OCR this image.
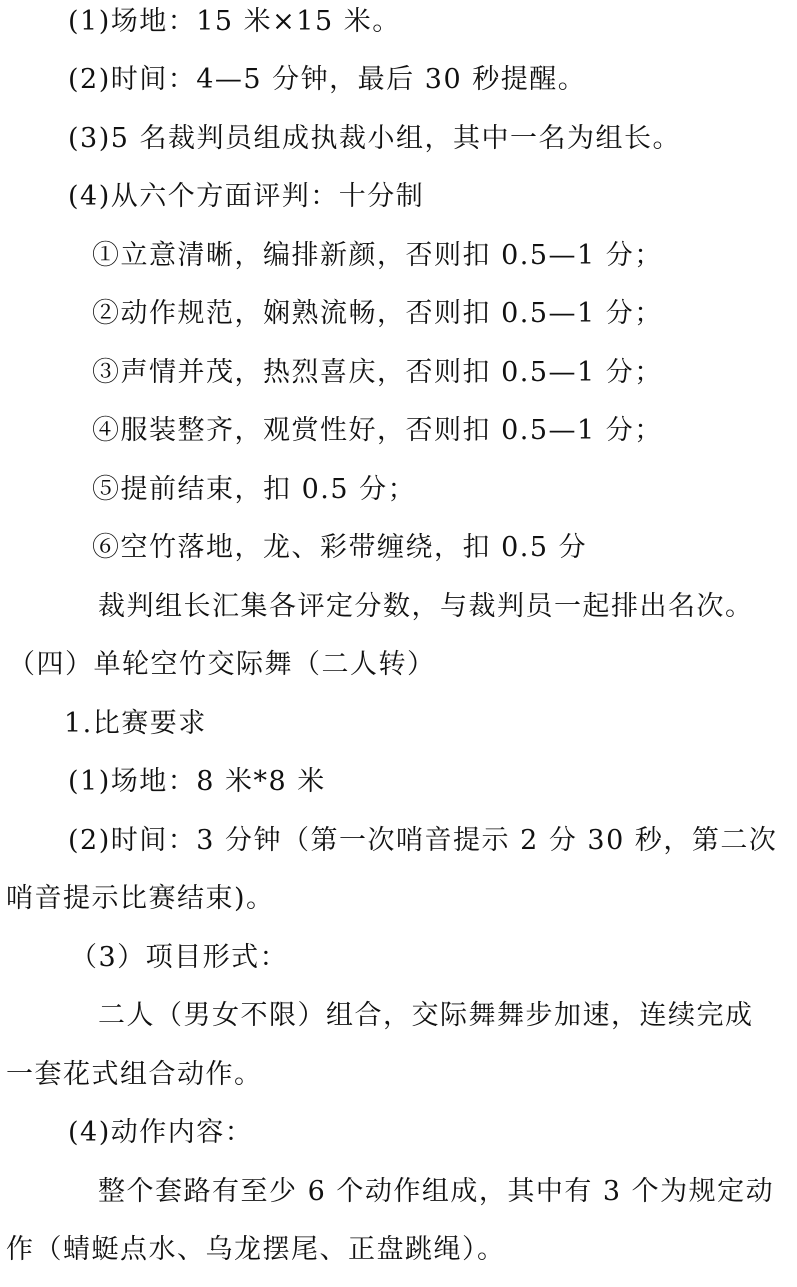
(1)场地：15 米×15 米。
(2)时间：4—5 分钟，最后 30 秒提醒。
(3)5 名裁判员组成执裁小组，其中一名为组长。
(4)从六个方面评判：十分制
①立意清晰，编排新颜，否则扣 0.5—1 分；
②动作规范，娴熟流畅，否则扣 0.5—1 分；
③声情并茂，热烈喜庆，否则扣 0.5—1 分；
④服装整齐，观赏性好，否则扣 0.5—1 分；
⑤提前结束，扣 0.5 分；
⑥空竹落地，龙、彩带缠绕，扣 0.5 分
裁判组长汇集各评定分数，与裁判员一起排出名次。
（四）单轮空竹交际舞（二人转）
1.比赛要求
(1)场地：8 米*8 米
(2)时间：3 分钟（第一次哨音提示 2 分 30 秒，第二次
哨音提示比赛结束)。
（3）项目形式：
二人（男女不限）组合，交际舞舞步加速，连续完成
一套花式组合动作。
(4)动作内容：
整个套路有至少 6 个动作组成，其中有 3 个为规定动
作（蜻蜓点水、乌龙摆尾、正盘跳绳）。
